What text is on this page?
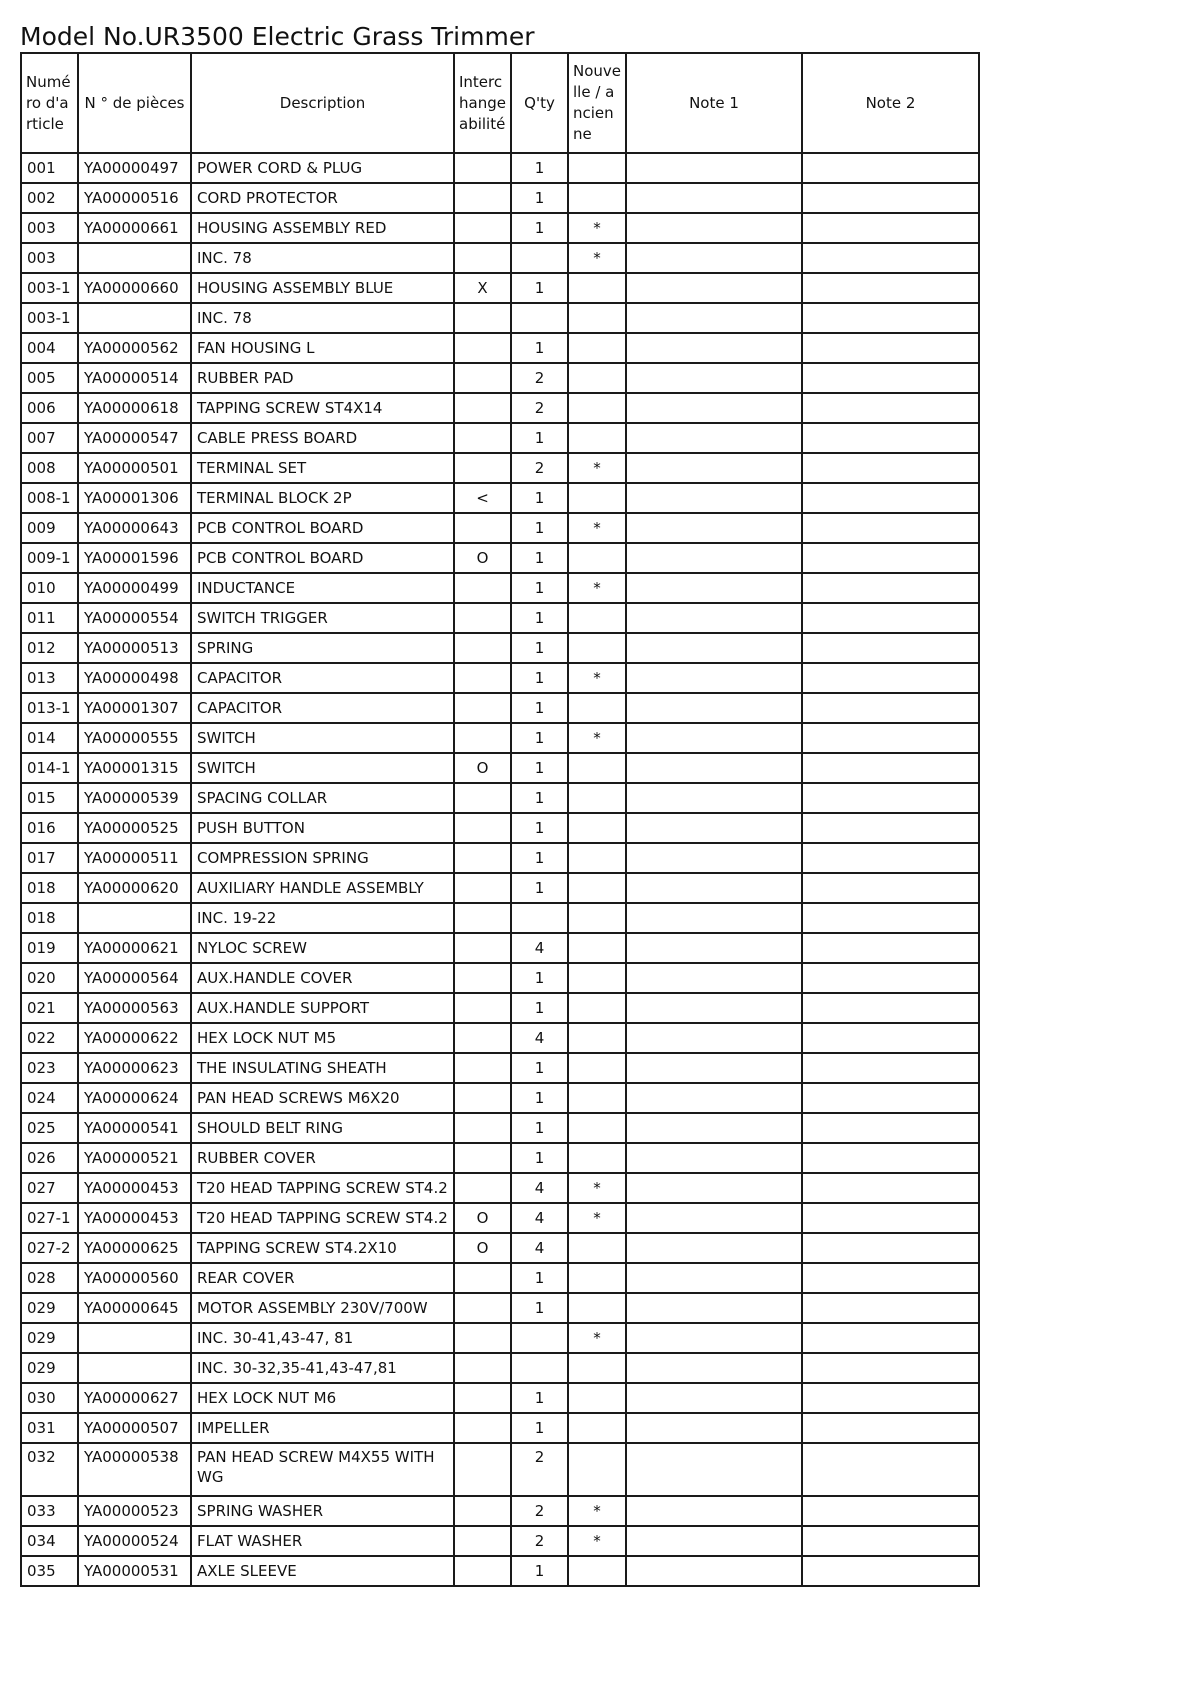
Model No.UR3500 Electric Grass Trimmer
Numéro d'article	N ° de pièces	Description	Interchangeabilité	Q'ty	Nouvelle / ancienne	Note 1	Note 2
001	YA00000497	POWER CORD & PLUG		1			
002	YA00000516	CORD PROTECTOR		1			
003	YA00000661	HOUSING ASSEMBLY RED		1	*		
003		INC. 78			*		
003-1	YA00000660	HOUSING ASSEMBLY BLUE	X	1			
003-1		INC. 78					
004	YA00000562	FAN HOUSING L		1			
005	YA00000514	RUBBER PAD		2			
006	YA00000618	TAPPING SCREW ST4X14		2			
007	YA00000547	CABLE PRESS BOARD		1			
008	YA00000501	TERMINAL SET		2	*		
008-1	YA00001306	TERMINAL BLOCK 2P	<	1			
009	YA00000643	PCB CONTROL BOARD		1	*		
009-1	YA00001596	PCB CONTROL BOARD	O	1			
010	YA00000499	INDUCTANCE		1	*		
011	YA00000554	SWITCH TRIGGER		1			
012	YA00000513	SPRING		1			
013	YA00000498	CAPACITOR		1	*		
013-1	YA00001307	CAPACITOR		1			
014	YA00000555	SWITCH		1	*		
014-1	YA00001315	SWITCH	O	1			
015	YA00000539	SPACING COLLAR		1			
016	YA00000525	PUSH BUTTON		1			
017	YA00000511	COMPRESSION SPRING		1			
018	YA00000620	AUXILIARY HANDLE ASSEMBLY		1			
018		INC. 19-22					
019	YA00000621	NYLOC SCREW		4			
020	YA00000564	AUX.HANDLE COVER		1			
021	YA00000563	AUX.HANDLE SUPPORT		1			
022	YA00000622	HEX LOCK NUT M5		4			
023	YA00000623	THE INSULATING SHEATH		1			
024	YA00000624	PAN HEAD SCREWS M6X20		1			
025	YA00000541	SHOULD BELT RING		1			
026	YA00000521	RUBBER COVER		1			
027	YA00000453	T20 HEAD TAPPING SCREW ST4.2		4	*		
027-1	YA00000453	T20 HEAD TAPPING SCREW ST4.2	O	4	*		
027-2	YA00000625	TAPPING SCREW ST4.2X10	O	4			
028	YA00000560	REAR COVER		1			
029	YA00000645	MOTOR ASSEMBLY 230V/700W		1			
029		INC. 30-41,43-47, 81			*		
029		INC. 30-32,35-41,43-47,81					
030	YA00000627	HEX LOCK NUT M6		1			
031	YA00000507	IMPELLER		1			
032	YA00000538	PAN HEAD SCREW M4X55 WITH WG		2			
033	YA00000523	SPRING WASHER		2	*		
034	YA00000524	FLAT WASHER		2	*		
035	YA00000531	AXLE SLEEVE		1			
